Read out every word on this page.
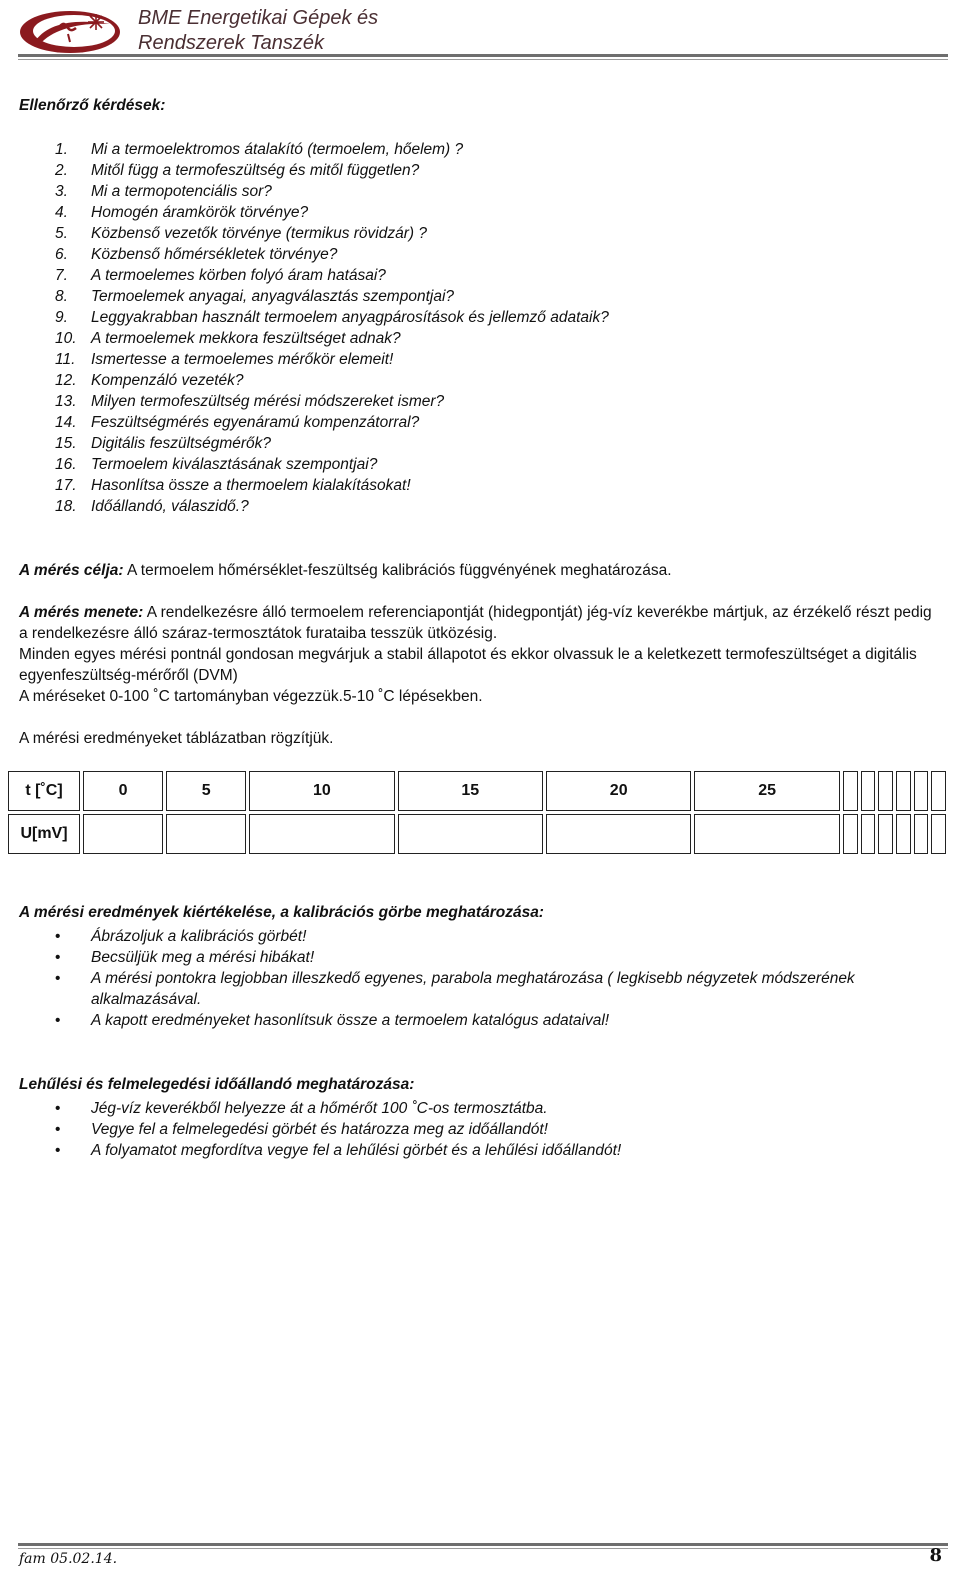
BME Energetikai Gépek és
Rendszerek Tanszék
Ellenőrző kérdések:
1. Mi a termoelektromos átalakító (termoelem, hőelem) ?
2. Mitől függ a termofeszültség és mitől független?
3. Mi a termopotenciális sor?
4. Homogén áramkörök törvénye?
5. Közbenső vezetők törvénye (termikus rövidzár) ?
6. Közbenső hőmérsékletek törvénye?
7. A termoelemes körben folyó áram hatásai?
8. Termoelemek anyagai, anyagválasztás szempontjai?
9. Leggyakrabban használt termoelem anyagpárosítások és jellemző adataik?
10. A termoelemek mekkora feszültséget adnak?
11. Ismertesse a termoelemes mérőkör elemeit!
12. Kompenzáló vezeték?
13. Milyen termofeszültség mérési módszereket ismer?
14. Feszültségmérés egyenáramú kompenzátorral?
15. Digitális feszültségmérők?
16. Termoelem kiválasztásának szempontjai?
17. Hasonlítsa össze a thermoelem kialakításokat!
18. Időállandó, válaszidő.?
A mérés célja: A termoelem hőmérséklet-feszültség kalibrációs függvényének meghatározása.
A mérés menete: A rendelkezésre álló termoelem referenciapontját (hidegpontját) jég-víz keverékbe mártjuk, az érzékelő részt pedig a rendelkezésre álló száraz-termosztátok furataiba tesszük ütközésig.
Minden egyes mérési pontnál gondosan megvárjuk a stabil állapotot és ekkor olvassuk le a keletkezett termofeszültséget a digitális egyenfeszültség-mérőről (DVM)
A méréseket 0-100 ˚C tartományban végezzük.5-10 ˚C lépésekben.
A mérési eredményeket táblázatban rögzítjük.
t [˚C]	0	5	10	15	20	25						
U[mV]												
A mérési eredmények kiértékelése, a kalibrációs görbe meghatározása:
• Ábrázoljuk a kalibrációs görbét!
• Becsüljük meg a mérési hibákat!
• A mérési pontokra legjobban illeszkedő egyenes, parabola meghatározása ( legkisebb négyzetek módszerének alkalmazásával.
• A kapott eredményeket hasonlítsuk össze a termoelem katalógus adataival!
Lehűlési és felmelegedési időállandó meghatározása:
• Jég-víz keverékből helyezze át a hőmérőt 100 ˚C-os termosztátba.
• Vegye fel a felmelegedési görbét és határozza meg az időállandót!
• A folyamatot megfordítva vegye fel a lehűlési görbét és a lehűlési időállandót!
fam 05.02.14.	8
